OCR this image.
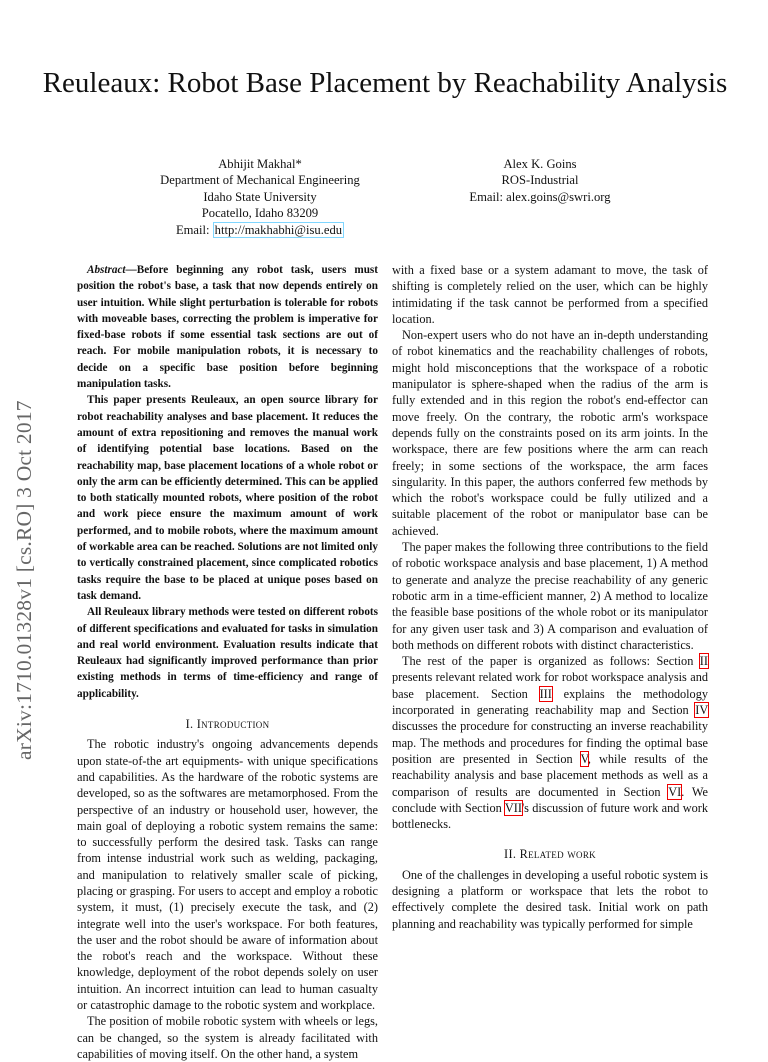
Reuleaux: Robot Base Placement by Reachability Analysis
Abhijit Makhal*
Department of Mechanical Engineering
Idaho State University
Pocatello, Idaho 83209
Email: http://makhabhi@isu.edu
Alex K. Goins
ROS-Industrial
Email: alex.goins@swri.org
arXiv:1710.01328v1 [cs.RO] 3 Oct 2017

Abstract—Before beginning any robot task, users must position the robot's base, a task that now depends entirely on user intuition. While slight perturbation is tolerable for robots with moveable bases, correcting the problem is imperative for fixed-base robots if some essential task sections are out of reach. For mobile manipulation robots, it is necessary to decide on a specific base position before beginning manipulation tasks.

This paper presents Reuleaux, an open source library for robot reachability analyses and base placement. It reduces the amount of extra repositioning and removes the manual work of identifying potential base locations. Based on the reachability map, base placement locations of a whole robot or only the arm can be efficiently determined. This can be applied to both statically mounted robots, where position of the robot and work piece ensure the maximum amount of work performed, and to mobile robots, where the maximum amount of workable area can be reached. Solutions are not limited only to vertically constrained placement, since complicated robotics tasks require the base to be placed at unique poses based on task demand.

All Reuleaux library methods were tested on different robots of different specifications and evaluated for tasks in simulation and real world environment. Evaluation results indicate that Reuleaux had significantly improved performance than prior existing methods in terms of time-efficiency and range of applicability.

I. Introduction

The robotic industry's ongoing advancements depends upon state-of-the art equipments- with unique specifications and capabilities. As the hardware of the robotic systems are developed, so as the softwares are metamorphosed. From the perspective of an industry or household user, however, the main goal of deploying a robotic system remains the same: to successfully perform the desired task. Tasks can range from intense industrial work such as welding, packaging, and manipulation to relatively smaller scale of picking, placing or grasping. For users to accept and employ a robotic system, it must, (1) precisely execute the task, and (2) integrate well into the user's workspace. For both features, the user and the robot should be aware of information about the robot's reach and the workspace. Without these knowledge, deployment of the robot depends solely on user intuition. An incorrect intuition can lead to human casualty or catastrophic damage to the robotic system and workplace.

The position of mobile robotic system with wheels or legs, can be changed, so the system is already facilitated with capabilities of moving itself. On the other hand, a system

with a fixed base or a system adamant to move, the task of shifting is completely relied on the user, which can be highly intimidating if the task cannot be performed from a specified location.

Non-expert users who do not have an in-depth understanding of robot kinematics and the reachability challenges of robots, might hold misconceptions that the workspace of a robotic manipulator is sphere-shaped when the radius of the arm is fully extended and in this region the robot's end-effector can move freely. On the contrary, the robotic arm's workspace depends fully on the constraints posed on its arm joints. In the workspace, there are few positions where the arm can reach freely; in some sections of the workspace, the arm faces singularity. In this paper, the authors conferred few methods by which the robot's workspace could be fully utilized and a suitable placement of the robot or manipulator base can be achieved.

The paper makes the following three contributions to the field of robotic workspace analysis and base placement, 1) A method to generate and analyze the precise reachability of any generic robotic arm in a time-efficient manner, 2) A method to localize the feasible base positions of the whole robot or its manipulator for any given user task and 3) A comparison and evaluation of both methods on different robots with distinct characteristics.

The rest of the paper is organized as follows: Section II presents relevant related work for robot workspace analysis and base placement. Section III explains the methodology incorporated in generating reachability map and Section IV discusses the procedure for constructing an inverse reachability map. The methods and procedures for finding the optimal base position are presented in Section V, while results of the reachability analysis and base placement methods as well as a comparison of results are documented in Section VI. We conclude with Section VII's discussion of future work and work bottlenecks.

II. Related work

One of the challenges in developing a useful robotic system is designing a platform or workspace that lets the robot to effectively complete the desired task. Initial work on path planning and reachability was typically performed for simple
